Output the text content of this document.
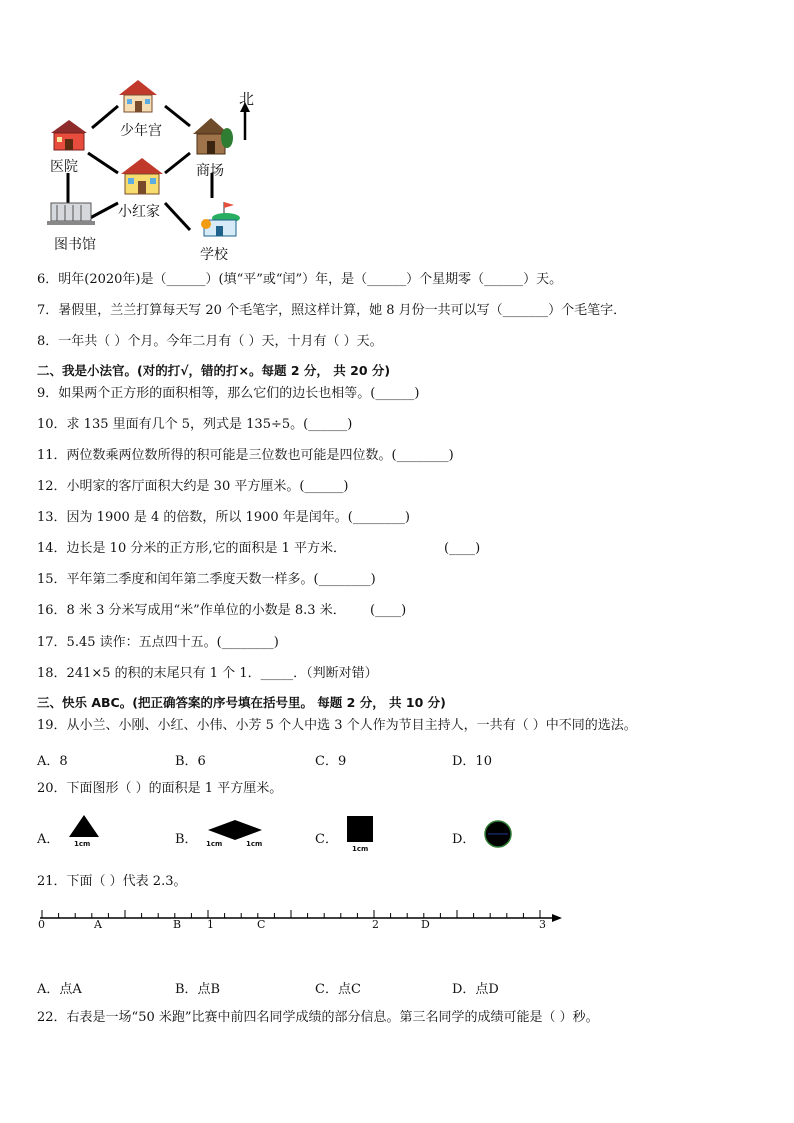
少年宫
医院	商场
小红家
图书馆
学校
北
6．明年(2020年)是（______）(填“平”或“闰”）年，是（______）个星期零（______）天。
7．暑假里，兰兰打算每天写 20 个毛笔字，照这样计算，她 8 月份一共可以写（_______）个毛笔字．
8．一年共（ ）个月。今年二月有（ ）天，十月有（ ）天。
二、我是小法官。(对的打√，错的打×。每题 2 分， 共 20 分)
9．如果两个正方形的面积相等，那么它们的边长也相等。(______)
10．求 135 里面有几个 5，列式是 135÷5。(______)
11．两位数乘两位数所得的积可能是三位数也可能是四位数。(________)
12．小明家的客厅面积大约是 30 平方厘米。(______)
13．因为 1900 是 4 的倍数，所以 1900 年是闰年。(________)
14．边长是 10 分米的正方形,它的面积是 1 平方米．	(____)
15．平年第二季度和闰年第二季度天数一样多。(________)
16．8 米 3 分米写成用“米”作单位的小数是 8.3 米． (____)
17．5.45 读作：五点四十五。(________)
18．241×5 的积的末尾只有 1 个 1．_____．（判断对错）
三、快乐 ABC。(把正确答案的序号填在括号里。 每题 2 分， 共 10 分)
19．从小兰、小刚、小红、小伟、小芳 5 个人中选 3 个人作为节目主持人，一共有（ ）中不同的选法。
A．8	B．6	C．9	D．10
20．下面图形（ ）的面积是 1 平方厘米。
A． 1cm	B． 1cm	1cm	C．
1cm
D．
21．下面（ ）代表 2.3。
0	1	2	3
A	B	C	D
A．点A	B．点B	C．点C	D．点D
22．右表是一场“50 米跑”比赛中前四名同学成绩的部分信息。第三名同学的成绩可能是（ ）秒。
